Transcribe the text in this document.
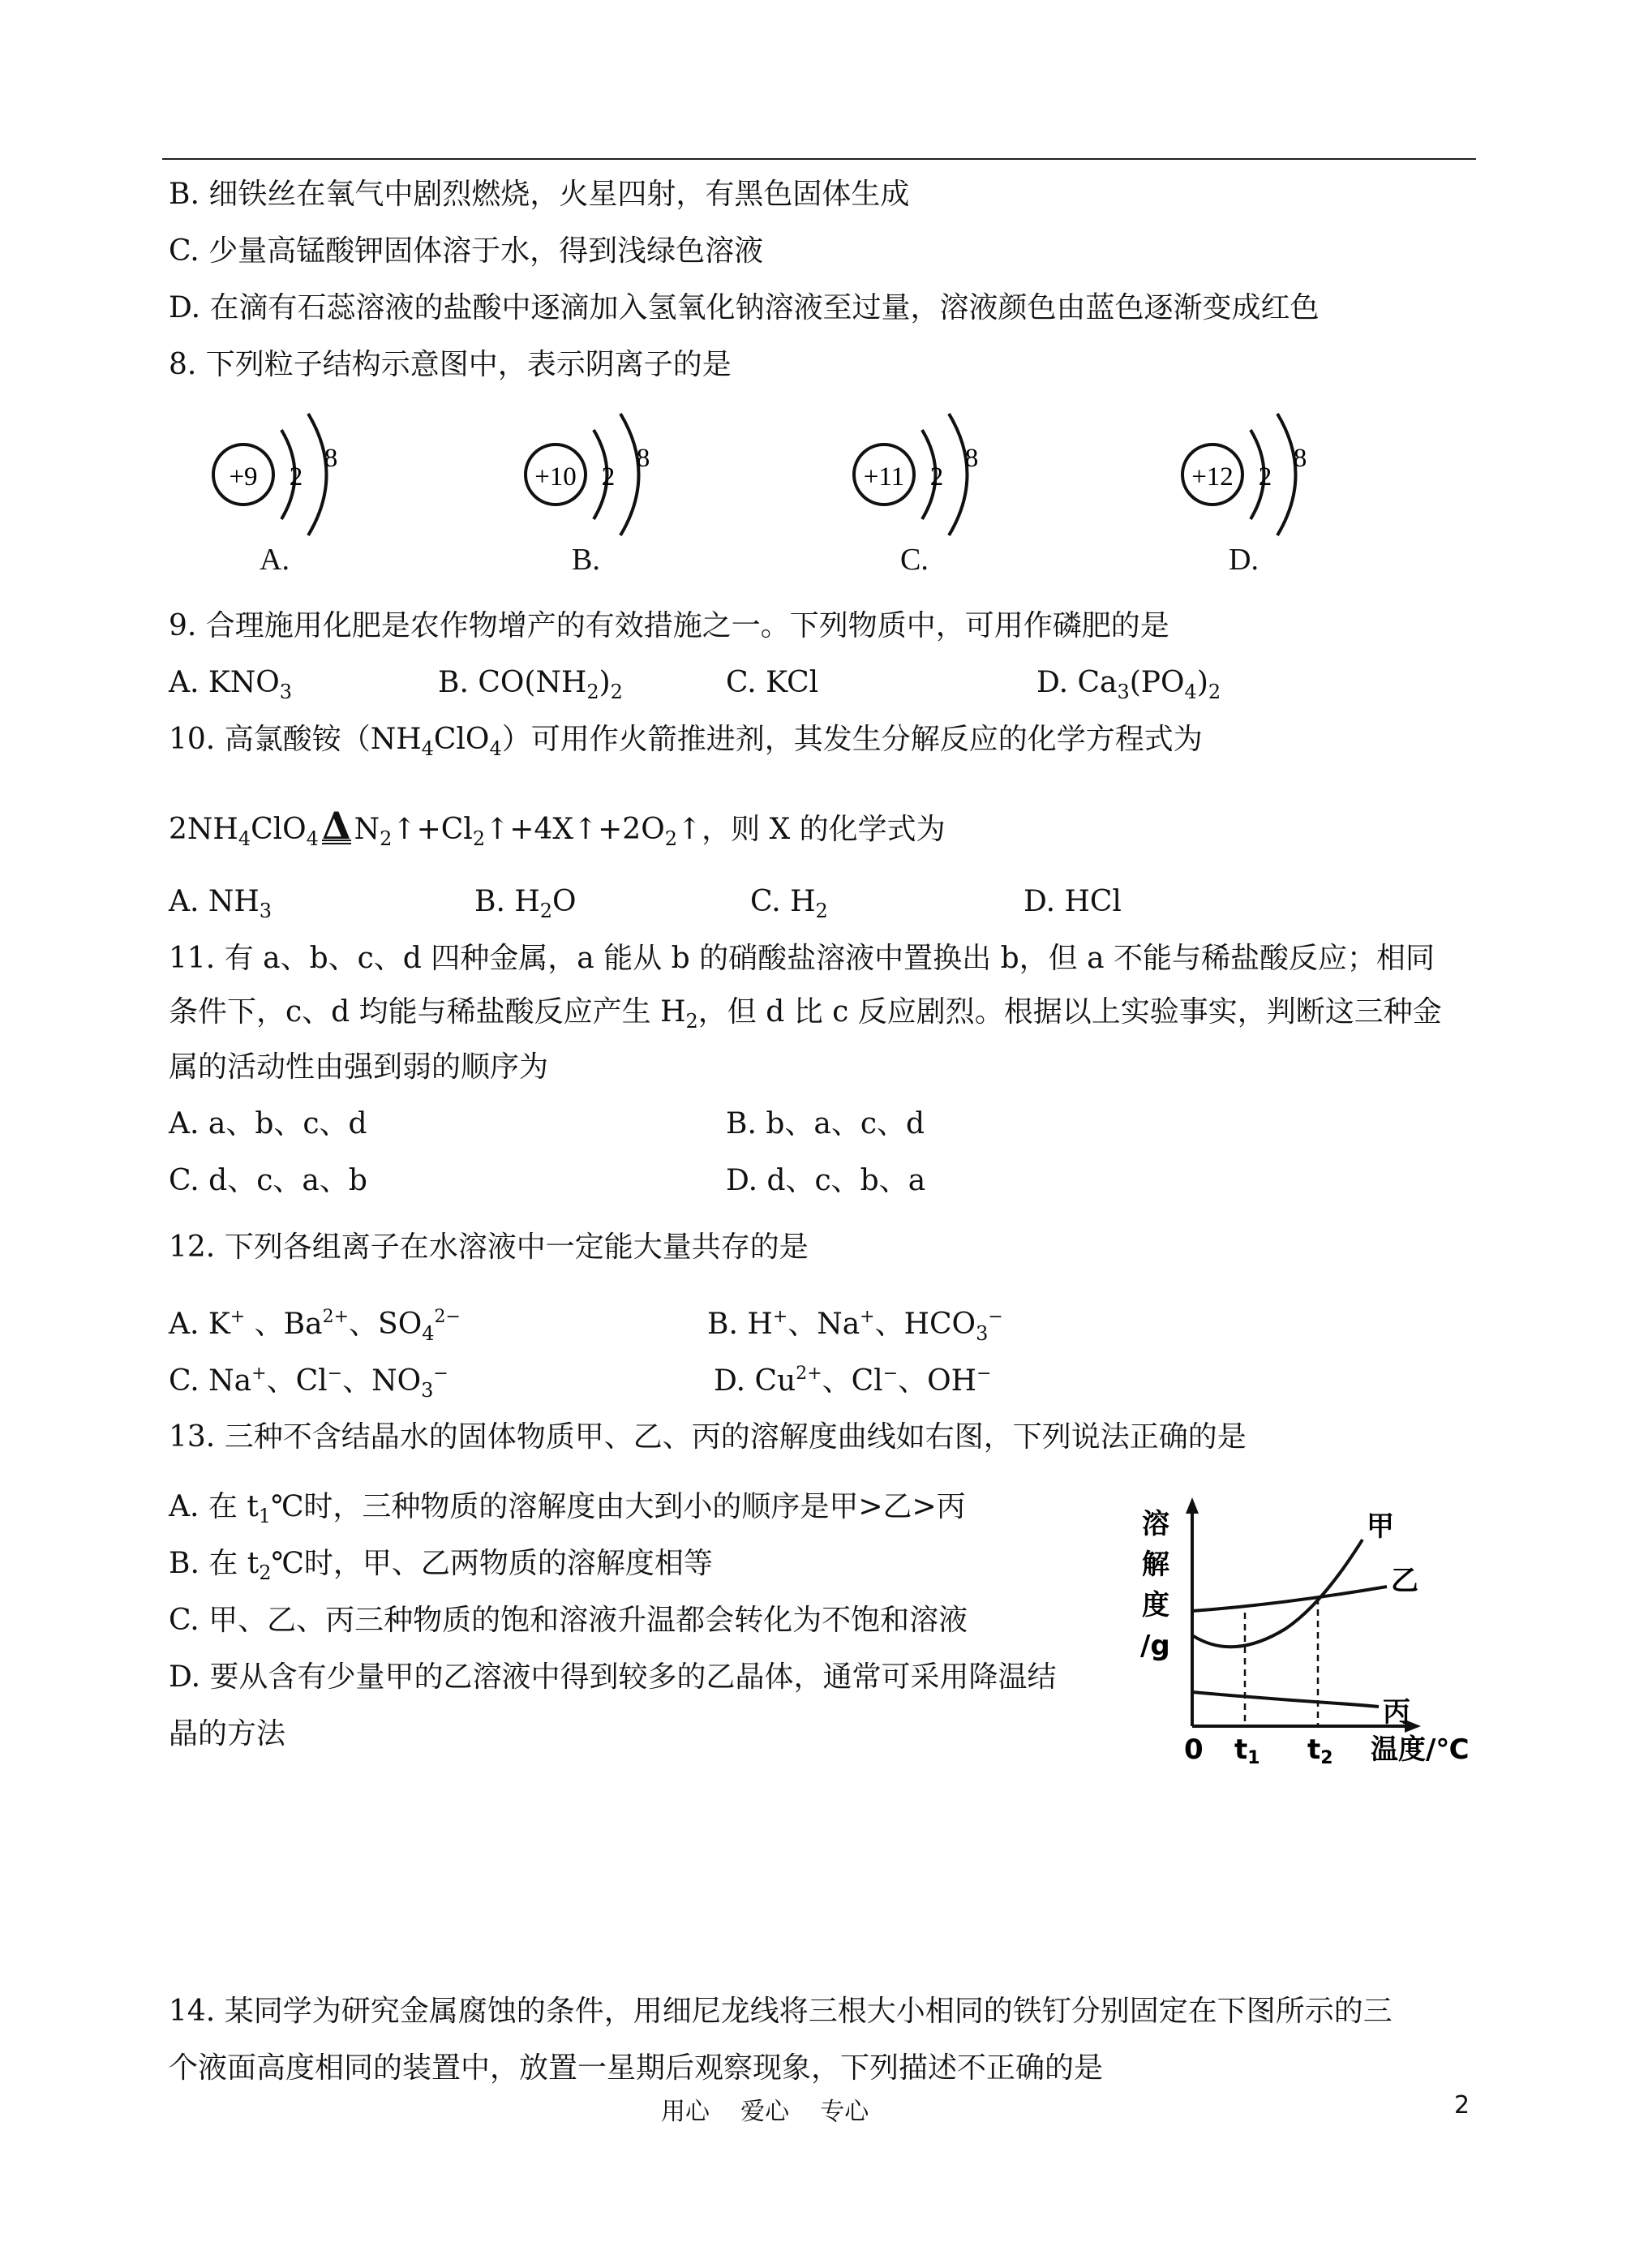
B. 细铁丝在氧气中剧烈燃烧，火星四射，有黑色固体生成
C. 少量高锰酸钾固体溶于水，得到浅绿色溶液
D. 在滴有石蕊溶液的盐酸中逐滴加入氢氧化钠溶液至过量，溶液颜色由蓝色逐渐变成红色
8. 下列粒子结构示意图中，表示阴离子的是
+9 2
8
A.
+10 2
8
B.
+11 2
8
C.
+12 2
8
D.
9. 合理施用化肥是农作物增产的有效措施之一。下列物质中，可用作磷肥的是
A. $KNO_3$	B. $CO(NH_2)_2$	C. KCl	D. $Ca_3(PO_4)_2$
10. 高氯酸铵$(NH_4ClO_4)$可用作火箭推进剂，其发生分解反应的化学方程式为
$2NH_4ClO_4\Delta$ $N_2↑+Cl_2↑+4X↑+2O_2↑$，则 X 的化学式为
A. $NH_3$	B. $H_2O$	C. $H_2$	D. HCl
11. 有 a、b、c、d 四种金属，a 能从 b 的硝酸盐溶液中置换出 b，但 a 不能与稀盐酸反应；相同
条件下，c、d 均能与稀盐酸反应产生 $H_2$，但 d 比 c 反应剧烈。根据以上实验事实，判断这三种金
属的活动性由强到弱的顺序为
A. a、b、c、d	B. b、a、c、d
C. d、c、a、b	D. d、c、b、a
12. 下列各组离子在水溶液中一定能大量共存的是
A. K+ 、$Ba^{2+}$、$SO_4^{2-}$	B. H+、Na+、$HCO_3^-$
C. Na+、Cl−、$NO_3^-$	D. $Cu^{2+}$、Cl−、OH−
13. 三种不含结晶水的固体物质甲、乙、丙的溶解度曲线如右图，下列说法正确的是
A. 在 $t_1℃$时，三种物质的溶解度由大到小的顺序是甲>乙>丙
B. 在 $t_2℃$时，甲、乙两物质的溶解度相等
C. 甲、乙、丙三种物质的饱和溶液升温都会转化为不饱和溶液
D. 要从含有少量甲的乙溶液中得到较多的乙晶体，通常可采用降温结
晶的方法
溶
解
度
/g
甲
乙
丙
0 t1 t2 温度/℃
14. 某同学为研究金属腐蚀的条件，用细尼龙线将三根大小相同的铁钉分别固定在下图所示的三
个液面高度相同的装置中，放置一星期后观察现象，下列描述不正确的是
用心    爱心    专心	2
